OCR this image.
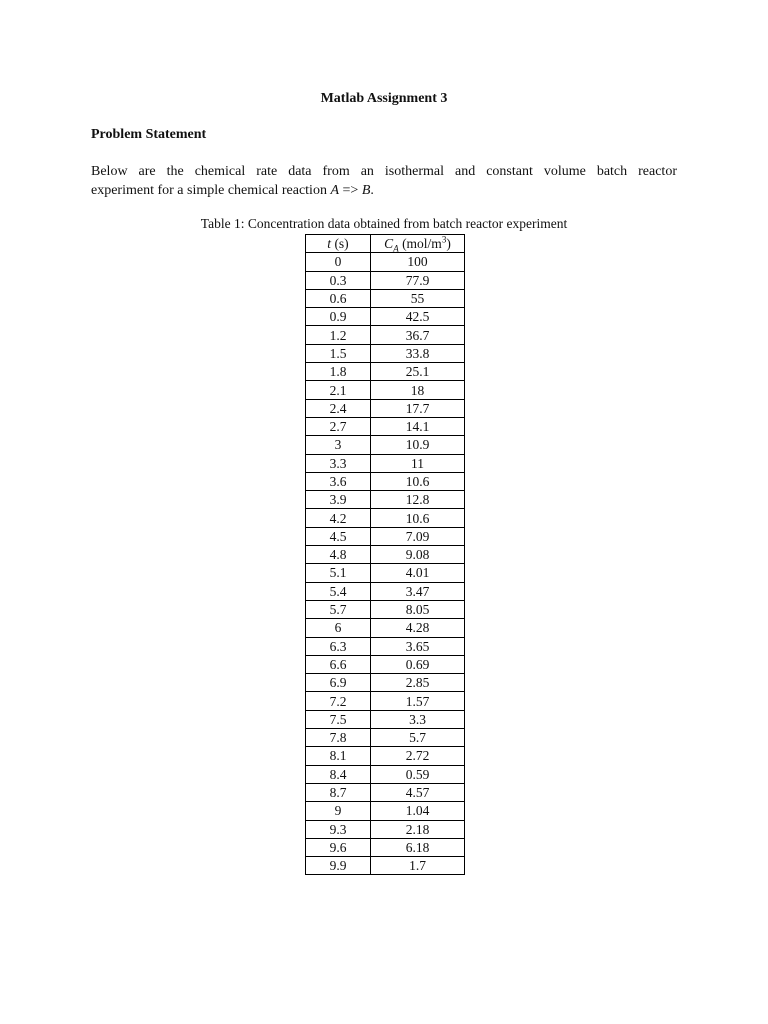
Matlab Assignment 3
Problem Statement
Below are the chemical rate data from an isothermal and constant volume batch reactor
experiment for a simple chemical reaction A => B.
Table 1: Concentration data obtained from batch reactor experiment
t (s)	$C_A$ $(mol/m^3)$
0	100
0.3	77.9
0.6	55
0.9	42.5
1.2	36.7
1.5	33.8
1.8	25.1
2.1	18
2.4	17.7
2.7	14.1
3	10.9
3.3	11
3.6	10.6
3.9	12.8
4.2	10.6
4.5	7.09
4.8	9.08
5.1	4.01
5.4	3.47
5.7	8.05
6	4.28
6.3	3.65
6.6	0.69
6.9	2.85
7.2	1.57
7.5	3.3
7.8	5.7
8.1	2.72
8.4	0.59
8.7	4.57
9	1.04
9.3	2.18
9.6	6.18
9.9	1.7
